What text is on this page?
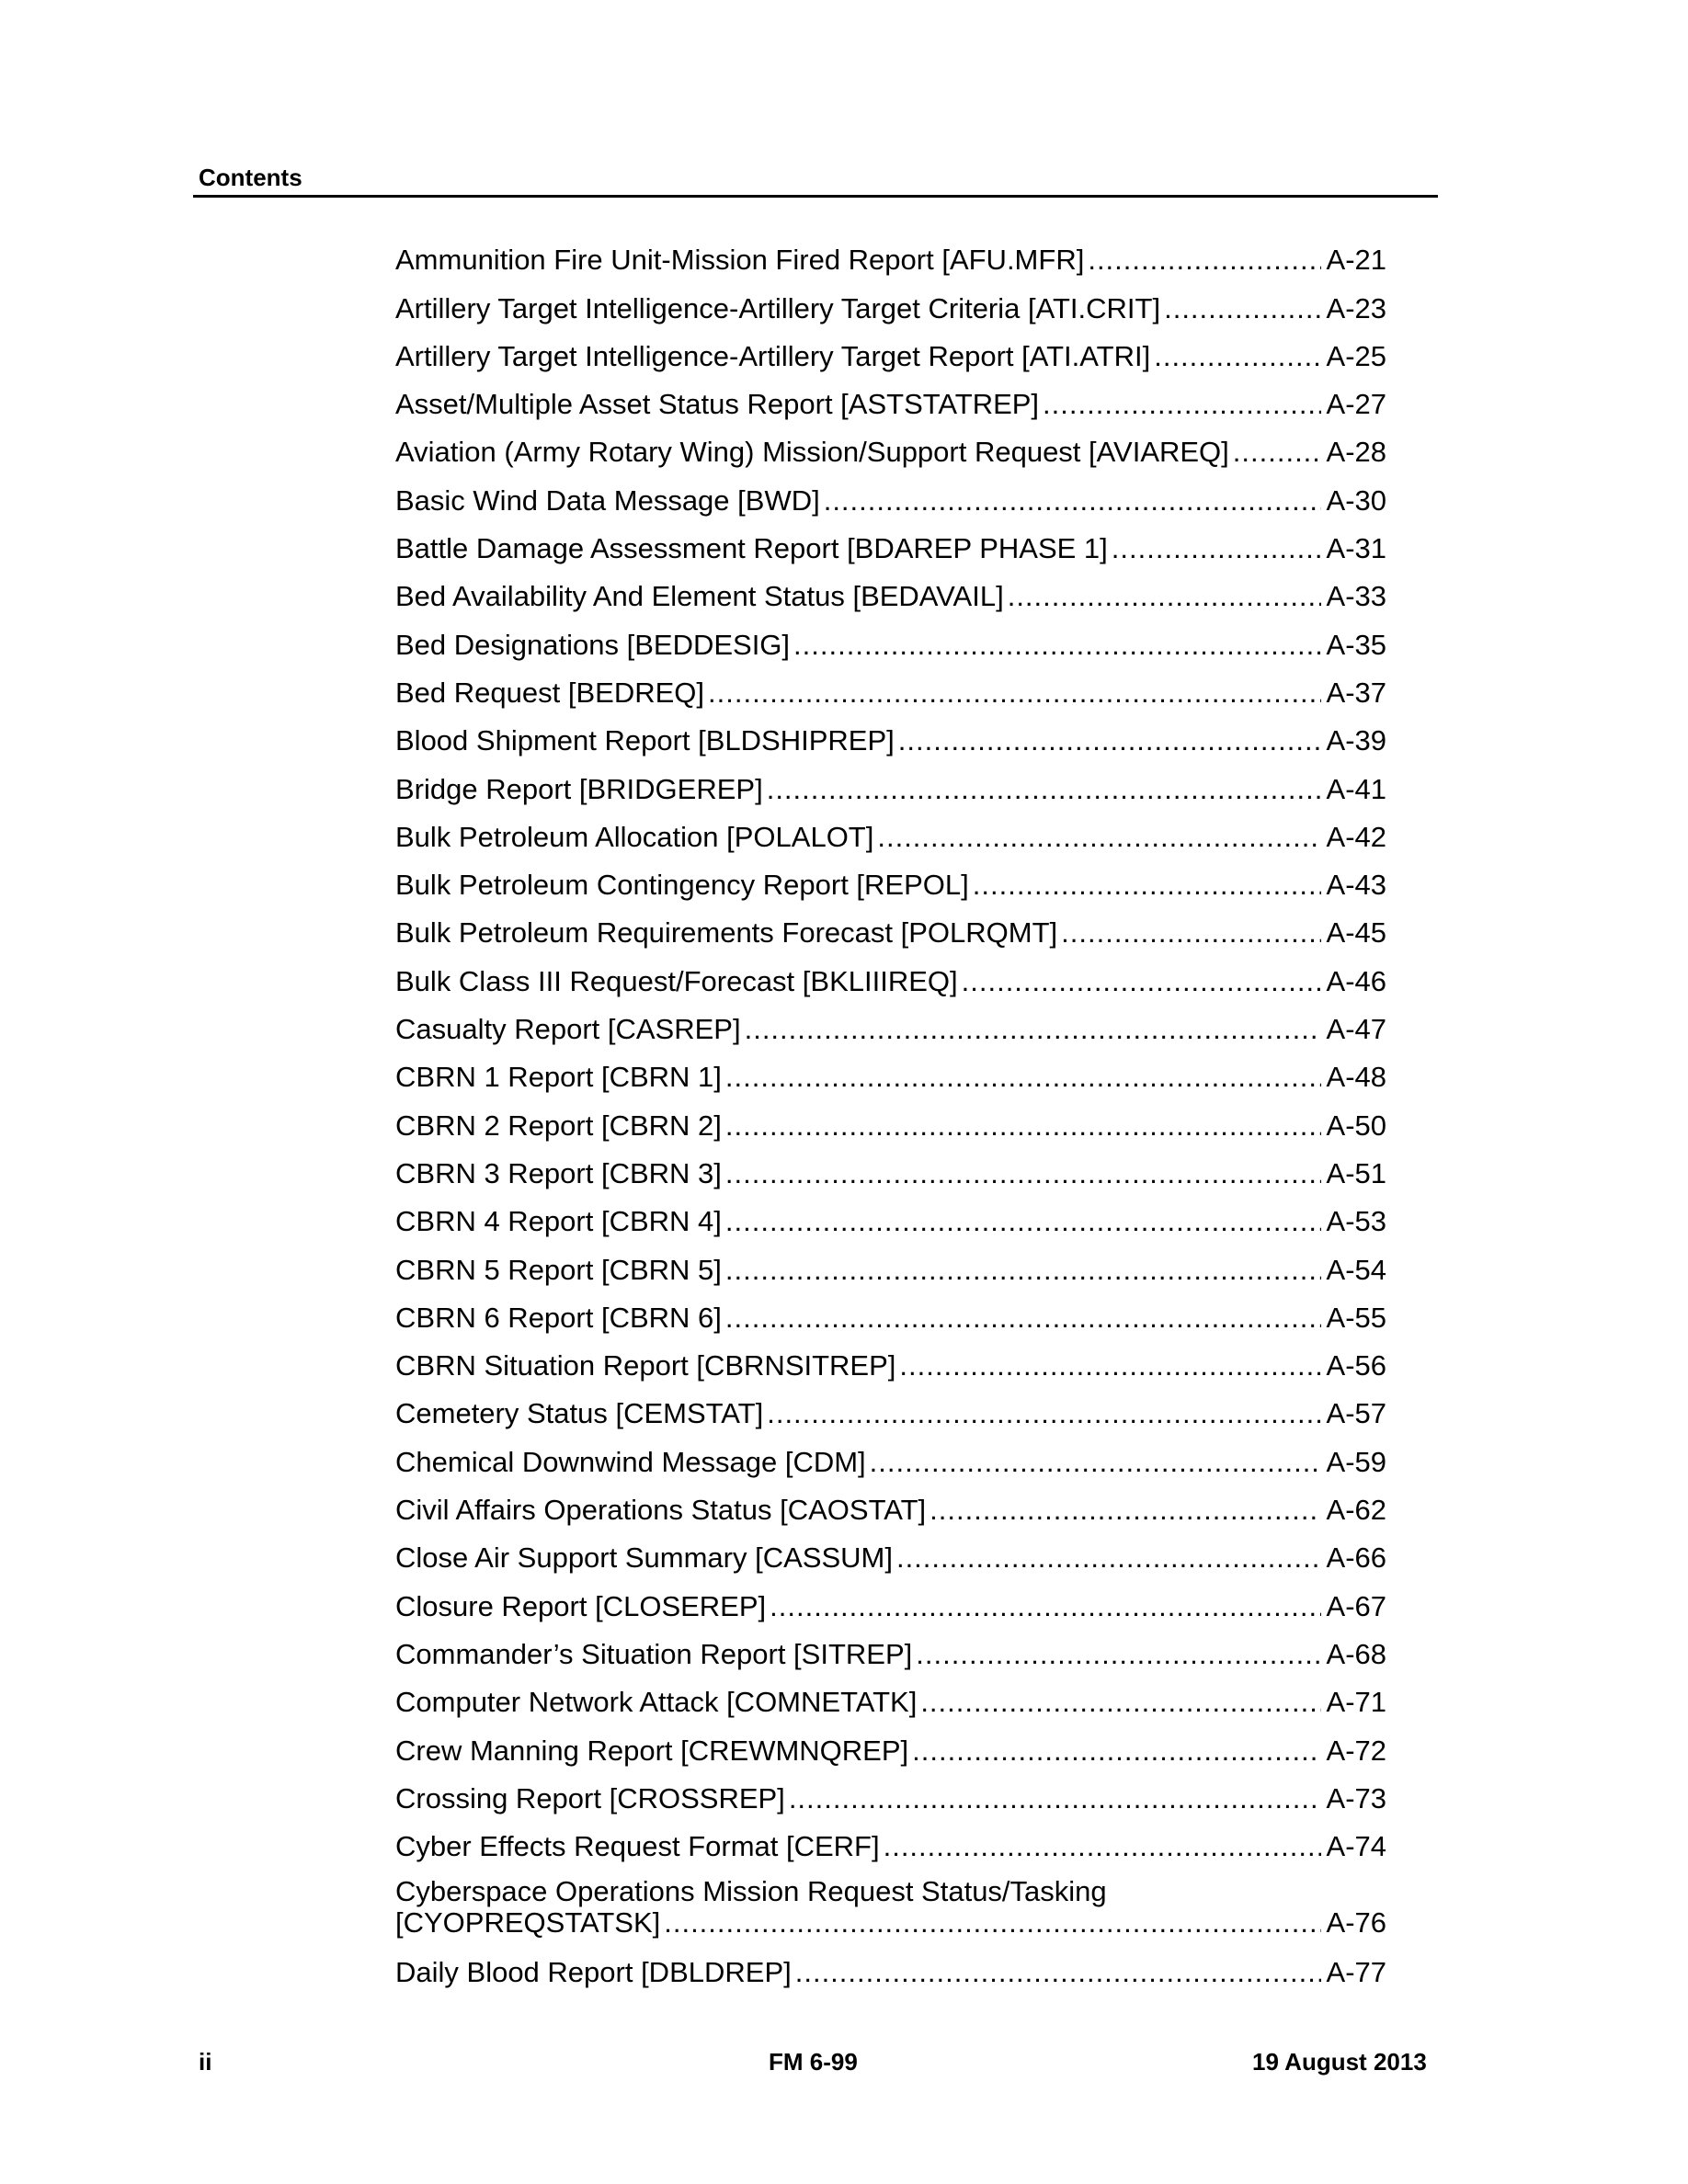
Contents
Ammunition Fire Unit-Mission Fired Report [AFU.MFR] .....	A-21
Artillery Target Intelligence-Artillery Target Criteria [ATI.CRIT] .....	A-23
Artillery Target Intelligence-Artillery Target Report [ATI.ATRI] .....	A-25
Asset/Multiple Asset Status Report [ASTSTATREP] .....	A-27
Aviation (Army Rotary Wing) Mission/Support Request [AVIAREQ] .....	A-28
Basic Wind Data Message [BWD] .....	A-30
Battle Damage Assessment Report [BDAREP PHASE 1] .....	A-31
Bed Availability And Element Status [BEDAVAIL] .....	A-33
Bed Designations [BEDDESIG] .....	A-35
Bed Request [BEDREQ] .....	A-37
Blood Shipment Report [BLDSHIPREP] .....	A-39
Bridge Report [BRIDGEREP] .....	A-41
Bulk Petroleum Allocation [POLALOT] .....	A-42
Bulk Petroleum Contingency Report [REPOL] .....	A-43
Bulk Petroleum Requirements Forecast [POLRQMT] .....	A-45
Bulk Class III Request/Forecast [BKLIIIREQ] .....	A-46
Casualty Report [CASREP] .....	A-47
CBRN 1 Report [CBRN 1] .....	A-48
CBRN 2 Report [CBRN 2] .....	A-50
CBRN 3 Report [CBRN 3] .....	A-51
CBRN 4 Report [CBRN 4] .....	A-53
CBRN 5 Report [CBRN 5] .....	A-54
CBRN 6 Report [CBRN 6] .....	A-55
CBRN Situation Report [CBRNSITREP] .....	A-56
Cemetery Status [CEMSTAT] .....	A-57
Chemical Downwind Message [CDM] .....	A-59
Civil Affairs Operations Status [CAOSTAT] .....	A-62
Close Air Support Summary [CASSUM] .....	A-66
Closure Report [CLOSEREP] .....	A-67
Commander’s Situation Report [SITREP] .....	A-68
Computer Network Attack [COMNETATK] .....	A-71
Crew Manning Report [CREWMNQREP] .....	A-72
Crossing Report [CROSSREP] .....	A-73
Cyber Effects Request Format [CERF] .....	A-74
Cyberspace Operations Mission Request Status/Tasking
[CYOPREQSTATSK] .....	A-76
Daily Blood Report [DBLDREP] .....	A-77
ii	FM 6-99	19 August 2013
